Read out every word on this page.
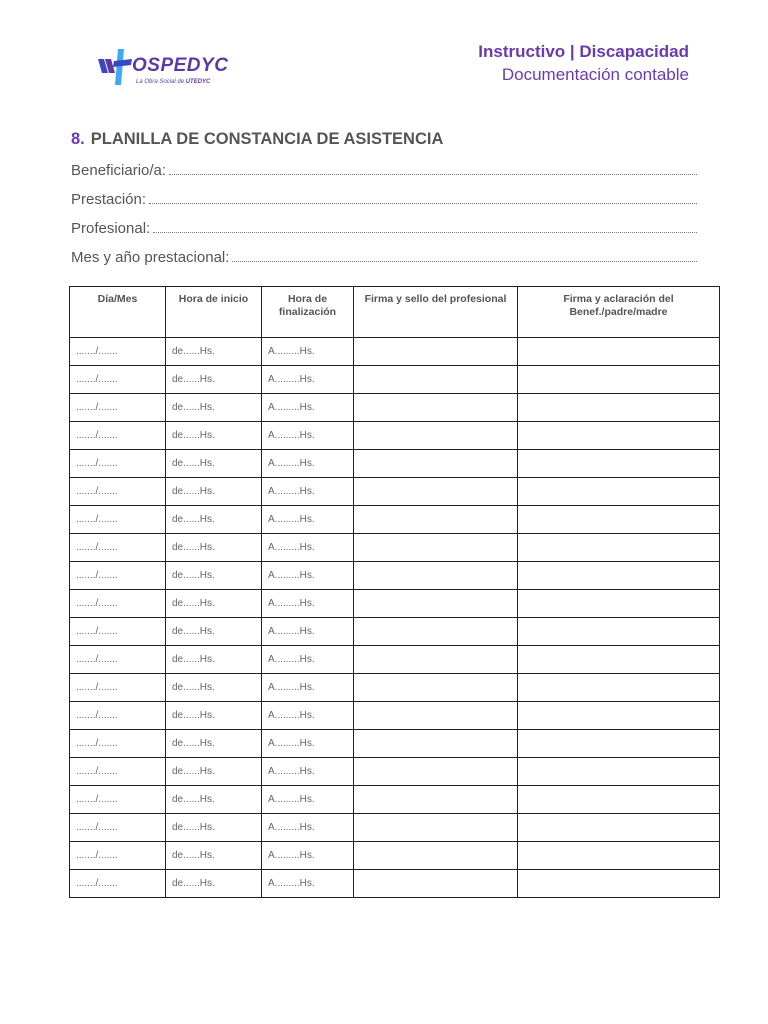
OSPEDYC
La Obra Social de UTEDYC
Instructivo | Discapacidad
Documentación contable
8. PLANILLA DE CONSTANCIA DE ASISTENCIA
Beneficiario/a:
Prestación:
Profesional:
Mes y año prestacional:
Día/Mes	Hora de inicio	Hora de finalización	Firma y sello del profesional	Firma y aclaración del Benef./padre/madre
......./.......	de......Hs.	A.........Hs.		
......./.......	de......Hs.	A.........Hs.		
......./.......	de......Hs.	A.........Hs.		
......./.......	de......Hs.	A.........Hs.		
......./.......	de......Hs.	A.........Hs.		
......./.......	de......Hs.	A.........Hs.		
......./.......	de......Hs.	A.........Hs.		
......./.......	de......Hs.	A.........Hs.		
......./.......	de......Hs.	A.........Hs.		
......./.......	de......Hs.	A.........Hs.		
......./.......	de......Hs.	A.........Hs.		
......./.......	de......Hs.	A.........Hs.		
......./.......	de......Hs.	A.........Hs.		
......./.......	de......Hs.	A.........Hs.		
......./.......	de......Hs.	A.........Hs.		
......./.......	de......Hs.	A.........Hs.		
......./.......	de......Hs.	A.........Hs.		
......./.......	de......Hs.	A.........Hs.		
......./.......	de......Hs.	A.........Hs.		
......./.......	de......Hs.	A.........Hs.		
